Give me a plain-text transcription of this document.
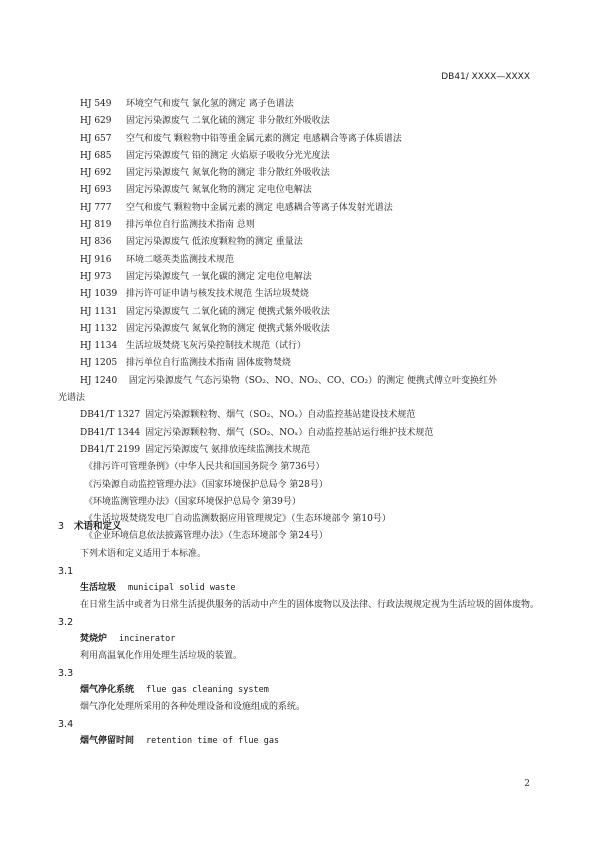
DB41/ XXXX—XXXX
HJ 549 环境空气和废气 氯化氢的测定 离子色谱法
HJ 629 固定污染源废气 二氧化硫的测定 非分散红外吸收法
HJ 657 空气和废气 颗粒物中铅等重金属元素的测定 电感耦合等离子体质谱法
HJ 685 固定污染源废气 铅的测定 火焰原子吸收分光光度法
HJ 692 固定污染源废气 氮氧化物的测定 非分散红外吸收法
HJ 693 固定污染源废气 氮氧化物的测定 定电位电解法
HJ 777 空气和废气 颗粒物中金属元素的测定 电感耦合等离子体发射光谱法
HJ 819 排污单位自行监测技术指南 总则
HJ 836 固定污染源废气 低浓度颗粒物的测定 重量法
HJ 916 环境二噁英类监测技术规范
HJ 973 固定污染源废气 一氧化碳的测定 定电位电解法
HJ 1039 排污许可证申请与核发技术规范 生活垃圾焚烧
HJ 1131 固定污染源废气 二氧化硫的测定 便携式紫外吸收法
HJ 1132 固定污染源废气 氮氧化物的测定 便携式紫外吸收法
HJ 1134 生活垃圾焚烧飞灰污染控制技术规范（试行）
HJ 1205 排污单位自行监测技术指南 固体废物焚烧
HJ 1240 固定污染源废气 气态污染物（SO₂、NO、NO₂、CO、CO₂）的测定 便携式傅立叶变换红外
光谱法
DB41/T 1327 固定污染源颗粒物、烟气（SO₂、NOₓ）自动监控基站建设技术规范
DB41/T 1344 固定污染源颗粒物、烟气（SO₂、NOₓ）自动监控基站运行维护技术规范
DB41/T 2199 固定污染源废气 氨排放连续监测技术规范
《排污许可管理条例》（中华人民共和国国务院令 第736号）
《污染源自动监控管理办法》（国家环境保护总局令 第28号）
《环境监测管理办法》（国家环境保护总局令 第39号）
《生活垃圾焚烧发电厂自动监测数据应用管理规定》（生态环境部令 第10号）
《企业环境信息依法披露管理办法》（生态环境部令 第24号）
3 术语和定义
下列术语和定义适用于本标准。
3.1
生活垃圾 municipal solid waste
在日常生活中或者为日常生活提供服务的活动中产生的固体废物以及法律、行政法规规定视为生活垃圾的固体废物。
3.2
焚烧炉 incinerator
利用高温氧化作用处理生活垃圾的装置。
3.3
烟气净化系统 flue gas cleaning system
烟气净化处理所采用的各种处理设备和设施组成的系统。
3.4
烟气停留时间 retention time of flue gas
2
